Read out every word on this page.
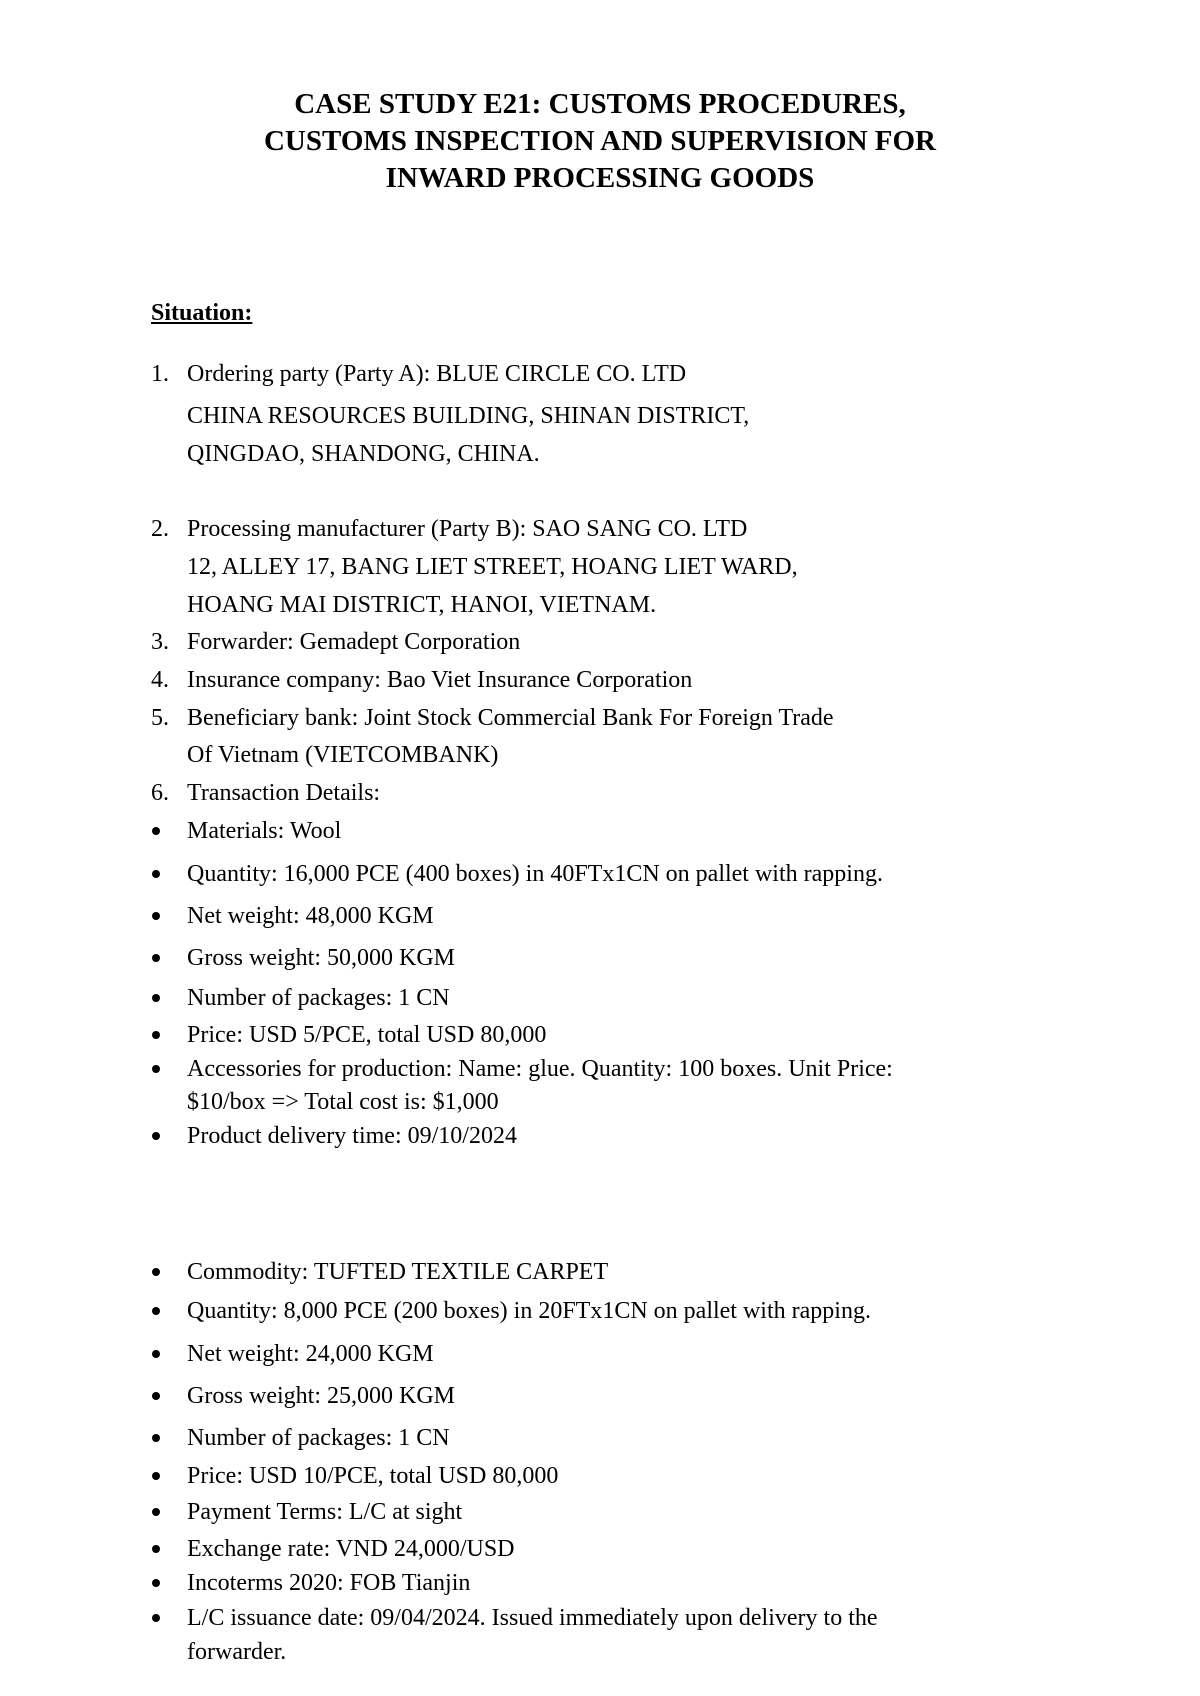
CASE STUDY E21: CUSTOMS PROCEDURES,
CUSTOMS INSPECTION AND SUPERVISION FOR
INWARD PROCESSING GOODS
Situation:
1. Ordering party (Party A): BLUE CIRCLE CO. LTD
CHINA RESOURCES BUILDING, SHINAN DISTRICT,
QINGDAO, SHANDONG, CHINA.
2. Processing manufacturer (Party B): SAO SANG CO. LTD
12, ALLEY 17, BANG LIET STREET, HOANG LIET WARD,
HOANG MAI DISTRICT, HANOI, VIETNAM.
3. Forwarder: Gemadept Corporation
4. Insurance company: Bao Viet Insurance Corporation
5. Beneficiary bank: Joint Stock Commercial Bank For Foreign Trade
Of Vietnam (VIETCOMBANK)
6. Transaction Details:
Materials: Wool
Quantity: 16,000 PCE (400 boxes) in 40FTx1CN on pallet with rapping.
Net weight: 48,000 KGM
Gross weight: 50,000 KGM
Number of packages: 1 CN
Price: USD 5/PCE, total USD 80,000
Accessories for production: Name: glue. Quantity: 100 boxes. Unit Price:
$10/box => Total cost is: $1,000
Product delivery time: 09/10/2024
Commodity: TUFTED TEXTILE CARPET
Quantity: 8,000 PCE (200 boxes) in 20FTx1CN on pallet with rapping.
Net weight: 24,000 KGM
Gross weight: 25,000 KGM
Number of packages: 1 CN
Price: USD 10/PCE, total USD 80,000
Payment Terms: L/C at sight
Exchange rate: VND 24,000/USD
Incoterms 2020: FOB Tianjin
L/C issuance date: 09/04/2024. Issued immediately upon delivery to the
forwarder.
